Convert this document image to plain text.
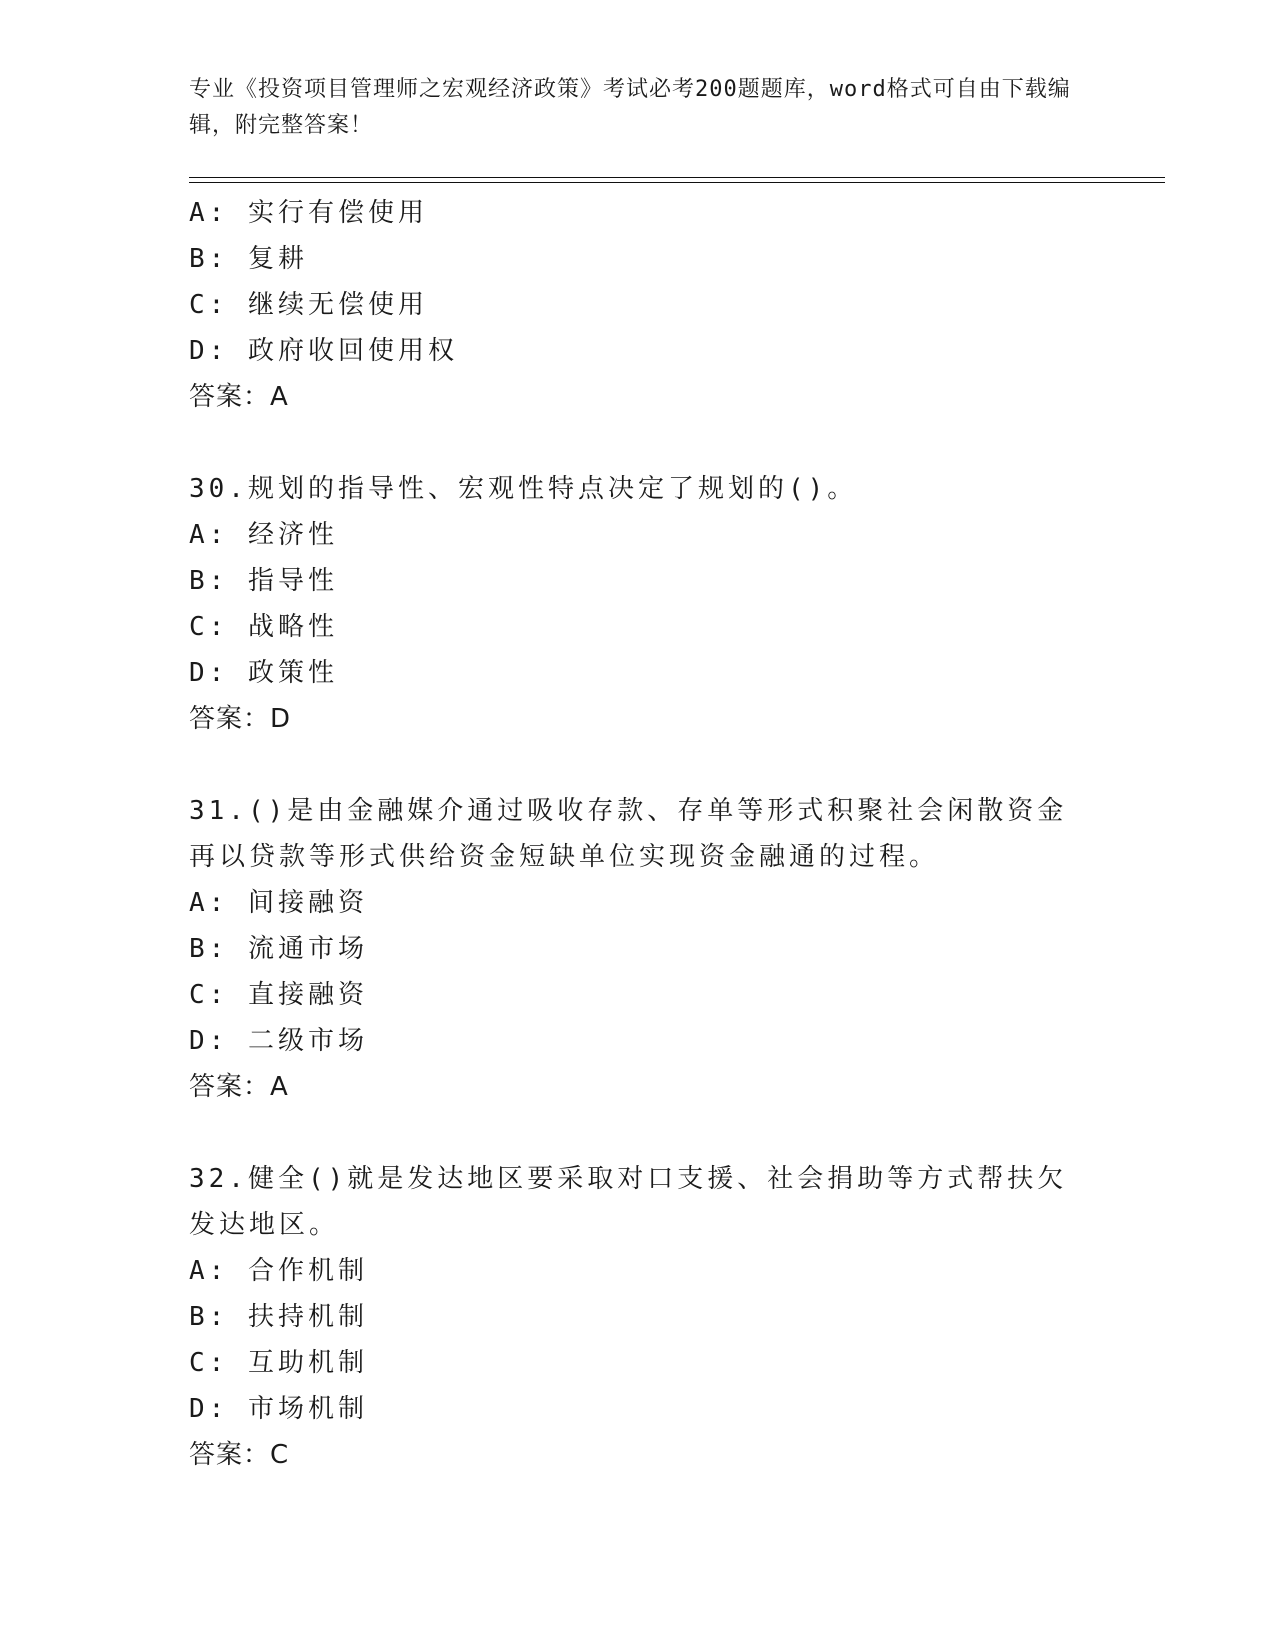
专业《投资项目管理师之宏观经济政策》考试必考200题题库，word格式可自由下载编辑，附完整答案！
A: 实行有偿使用
B: 复耕
C: 继续无偿使用
D: 政府收回使用权
答案：A
30.规划的指导性、宏观性特点决定了规划的()。
A: 经济性
B: 指导性
C: 战略性
D: 政策性
答案：D
31.()是由金融媒介通过吸收存款、存单等形式积聚社会闲散资金再以贷款等形式供给资金短缺单位实现资金融通的过程。
A: 间接融资
B: 流通市场
C: 直接融资
D: 二级市场
答案：A
32.健全()就是发达地区要采取对口支援、社会捐助等方式帮扶欠发达地区。
A: 合作机制
B: 扶持机制
C: 互助机制
D: 市场机制
答案：C
